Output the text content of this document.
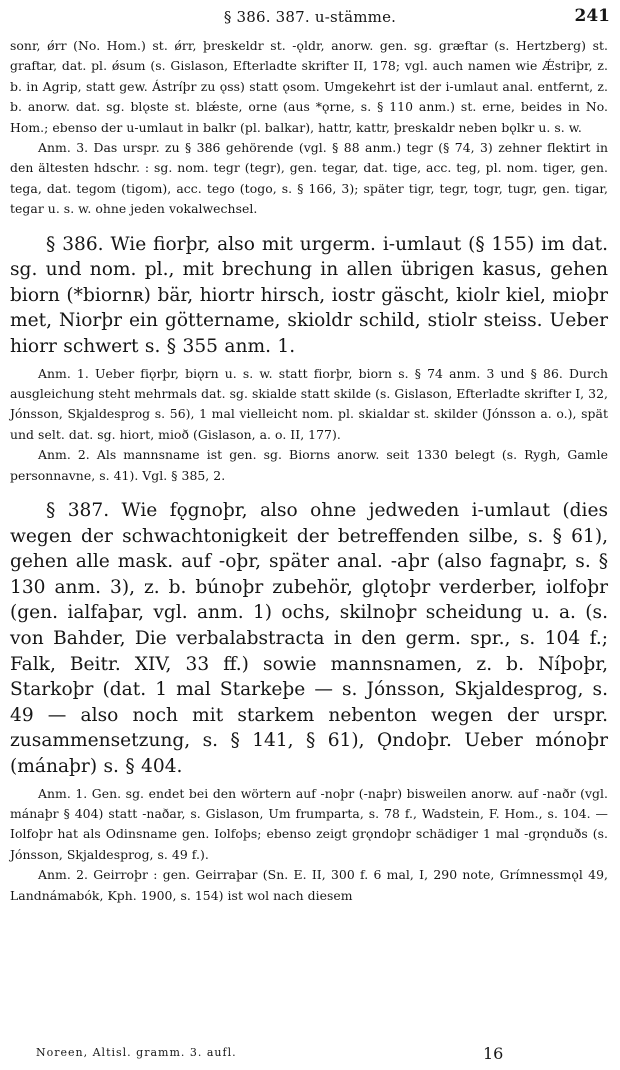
§ 386. 387. u-stämme.	241

sonr, ǿrr (No. Hom.) st. ǿrr, þreskeldr st. -ǫldr, anorw. gen. sg. græftar (s. Hertzberg) st. graftar, dat. pl. ǿsum (s. Gislason, Efterladte skrifter II, 178; vgl. auch namen wie Ǽstriþr, z. b. in Agrip, statt gew. Ástríþr zu ǫss) statt ǫsom. Umgekehrt ist der i-umlaut anal. entfernt, z. b. anorw. dat. sg. blǫste st. blǽste, orne (aus *ǫrne, s. § 110 anm.) st. erne, beides in No. Hom.; ebenso der u-umlaut in balkr (pl. balkar), hattr, kattr, þreskaldr neben bǫlkr u. s. w.

Anm. 3. Das urspr. zu § 386 gehörende (vgl. § 88 anm.) tegr (§ 74, 3) zehner flektirt in den ältesten hdschr. : sg. nom. tegr (tegr), gen. tegar, dat. tige, acc. teg, pl. nom. tiger, gen. tega, dat. tegom (tigom), acc. tego (togo, s. § 166, 3); später tigr, tegr, togr, tugr, gen. tigar, tegar u. s. w. ohne jeden vokalwechsel.

§ 386. Wie fiorþr, also mit urgerm. i-umlaut (§ 155) im dat. sg. und nom. pl., mit brechung in allen übrigen kasus, gehen biorn (*biornʀ) bär, hiortr hirsch, iostr gäscht, kiolr kiel, mioþr met, Niorþr ein göttername, skioldr schild, stiolr steiss. Ueber hiorr schwert s. § 355 anm. 1.

Anm. 1. Ueber fiǫrþr, biǫrn u. s. w. statt fiorþr, biorn s. § 74 anm. 3 und § 86. Durch ausgleichung steht mehrmals dat. sg. skialde statt skilde (s. Gislason, Efterladte skrifter I, 32, Jónsson, Skjaldesprog s. 56), 1 mal vielleicht nom. pl. skialdar st. skilder (Jónsson a. o.), spät und selt. dat. sg. hiort, mioð (Gislason, a. o. II, 177).

Anm. 2. Als mannsname ist gen. sg. Biorns anorw. seit 1330 belegt (s. Rygh, Gamle personnavne, s. 41). Vgl. § 385, 2.

§ 387. Wie fǫgnoþr, also ohne jedweden i-umlaut (dies wegen der schwachtonigkeit der betreffenden silbe, s. § 61), gehen alle mask. auf -oþr, später anal. -aþr (also fagnaþr, s. § 130 anm. 3), z. b. búnoþr zubehör, glǫtoþr verderber, iolfoþr (gen. ialfaþar, vgl. anm. 1) ochs, skilnoþr scheidung u. a. (s. von Bahder, Die verbalabstracta in den germ. spr., s. 104 f.; Falk, Beitr. XIV, 33 ff.) sowie mannsnamen, z. b. Níþoþr, Starkoþr (dat. 1 mal Starkeþe — s. Jónsson, Skjaldesprog, s. 49 — also noch mit starkem nebenton wegen der urspr. zusammensetzung, s. § 141, § 61), Ǫndoþr. Ueber mónoþr (mánaþr) s. § 404.

Anm. 1. Gen. sg. endet bei den wörtern auf -noþr (-naþr) bisweilen anorw. auf -naðr (vgl. mánaþr § 404) statt -naðar, s. Gislason, Um frumparta, s. 78 f., Wadstein, F. Hom., s. 104. — Iolfoþr hat als Odinsname gen. Iolfoþs; ebenso zeigt grǫndoþr schädiger 1 mal -grǫnduðs (s. Jónsson, Skjaldesprog, s. 49 f.).

Anm. 2. Geirroþr : gen. Geirraþar (Sn. E. II, 300 f. 6 mal, I, 290 note, Grímnessmǫl 49, Landnámabók, Kph. 1900, s. 154) ist wol nach diesem

Noreen, Altisl. gramm. 3. aufl.	16
